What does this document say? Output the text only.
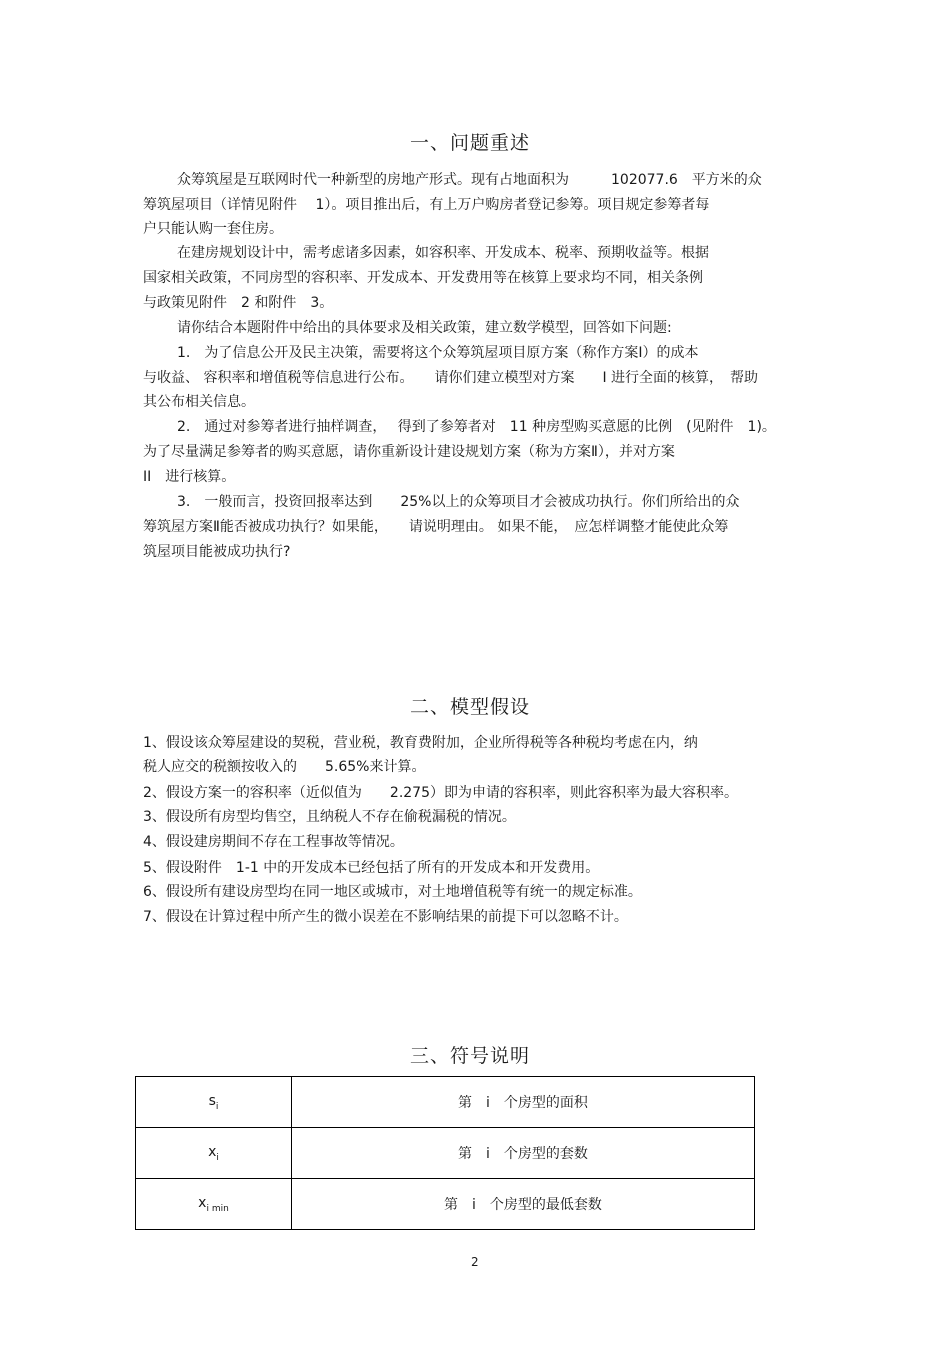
一、问题重述
众筹筑屋是互联网时代一种新型的房地产形式。现有占地面积为　　　102077.6　平方米的众
筹筑屋项目（详情见附件　 1）。项目推出后，有上万户购房者登记参筹。项目规定参筹者每
户只能认购一套住房。
在建房规划设计中，需考虑诸多因素，如容积率、开发成本、税率、预期收益等。根据
国家相关政策，不同房型的容积率、开发成本、开发费用等在核算上要求均不同，相关条例
与政策见附件　2 和附件　3。
请你结合本题附件中给出的具体要求及相关政策，建立数学模型，回答如下问题:
1.　为了信息公开及民主决策，需要将这个众筹筑屋项目原方案（称作方案Ⅰ）的成本
与收益、 容积率和增值税等信息进行公布。　　请你们建立模型对方案　　I 进行全面的核算，　帮助
其公布相关信息。
2.　通过对参筹者进行抽样调查，　 得到了参筹者对　11 种房型购买意愿的比例　(见附件　1)。
为了尽量满足参筹者的购买意愿，请你重新设计建设规划方案（称为方案Ⅱ），并对方案
II　进行核算。
3.　一般而言，投资回报率达到　　25%以上的众筹项目才会被成功执行。你们所给出的众
筹筑屋方案Ⅱ能否被成功执行？如果能，　　请说明理由。 如果不能，　应怎样调整才能使此众筹
筑屋项目能被成功执行?
二、模型假设
1、假设该众筹屋建设的契税，营业税，教育费附加，企业所得税等各种税均考虑在内，纳
税人应交的税额按收入的　　5.65%来计算。
2、假设方案一的容积率（近似值为　　2.275）即为申请的容积率，则此容积率为最大容积率。
3、假设所有房型均售空，且纳税人不存在偷税漏税的情况。
4、假设建房期间不存在工程事故等情况。
5、假设附件　1-1 中的开发成本已经包括了所有的开发成本和开发费用。
6、假设所有建设房型均在同一地区或城市，对土地增值税等有统一的规定标准。
7、假设在计算过程中所产生的微小误差在不影响结果的前提下可以忽略不计。
三、符号说明
$s_i$	第　i　个房型的面积
$x_i$	第　i　个房型的套数
$x_{i min}$	第　i　个房型的最低套数
2
